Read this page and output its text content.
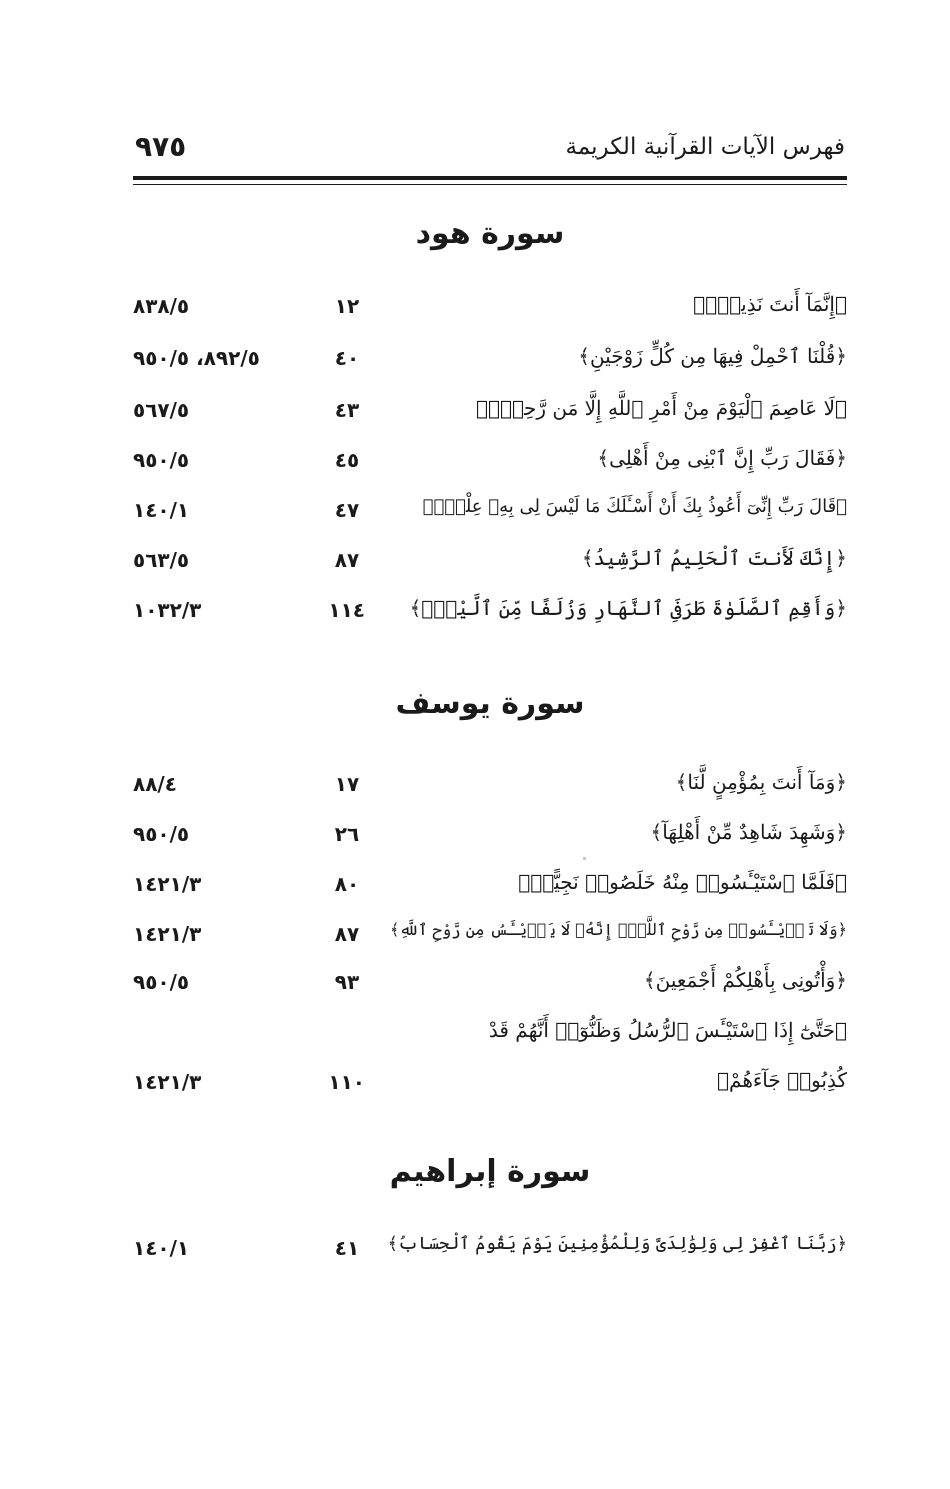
فهرس الآيات القرآنية الكريمة
٩٧٥
سورة هود
﴿إِنَّمَآ أَنتَ نَذِيرٌۚ﴾
١٢
٨٣٨/٥
﴿قُلْنَا ٱحْمِلْ فِيهَا مِن كُلٍّ زَوْجَيْنِ﴾
٤٠
٨٩٢/٥، ٩٥٠/٥
﴿لَا عَاصِمَ ٱلْيَوْمَ مِنْ أَمْرِ ٱللَّهِ إِلَّا مَن رَّحِمَۚ﴾
٤٣
٥٦٧/٥
﴿فَقَالَ رَبِّ إِنَّ ٱبْنِى مِنْ أَهْلِى﴾
٤٥
٩٥٠/٥
﴿قَالَ رَبِّ إِنِّىٓ أَعُوذُ بِكَ أَنْ أَسْـَٔلَكَ مَا لَيْسَ لِى بِهِۦ عِلْمٌۖ﴾
٤٧
١٤٠/١
﴿إِنَّكَ لَأَنتَ ٱلْحَلِيمُ ٱلرَّشِيدُ﴾
٨٧
٥٦٣/٥
﴿وَأَقِمِ ٱلصَّلَوٰةَ طَرَفَىِ ٱلنَّهَارِ وَزُلَفًا مِّنَ ٱلَّيْلِۚ﴾
١١٤
١٠٣٢/٣
سورة يوسف
﴿وَمَآ أَنتَ بِمُؤْمِنٍ لَّنَا﴾
١٧
٨٨/٤
﴿وَشَهِدَ شَاهِدٌ مِّنْ أَهْلِهَآ﴾
٢٦
٩٥٠/٥
﴿فَلَمَّا ٱسْتَيْـَٔسُوا۟ مِنْهُ خَلَصُوا۟ نَجِيًّاۖ﴾
٨٠
١٤٢١/٣
﴿وَلَا تَا۟يْـَٔسُوا۟ مِن رَّوْحِ ٱللَّهِۖ إِنَّهُۥ لَا يَا۟يْـَٔسُ مِن رَّوْحِ ٱللَّهِ﴾
٨٧
١٤٢١/٣
﴿وَأْتُونِى بِأَهْلِكُمْ أَجْمَعِينَ﴾
٩٣
٩٥٠/٥
﴿حَتَّىٰٓ إِذَا ٱسْتَيْـَٔسَ ٱلرُّسُلُ وَظَنُّوٓا۟ أَنَّهُمْ قَدْ
كُذِبُوا۟ جَآءَهُمْ﴾
١١٠
١٤٢١/٣
سورة إبراهيم
﴿رَبَّنَا ٱغْفِرْ لِى وَلِوَٰلِدَىَّ وَلِلْمُؤْمِنِينَ يَوْمَ يَقُومُ ٱلْحِسَابُ﴾
٤١
١٤٠/١
